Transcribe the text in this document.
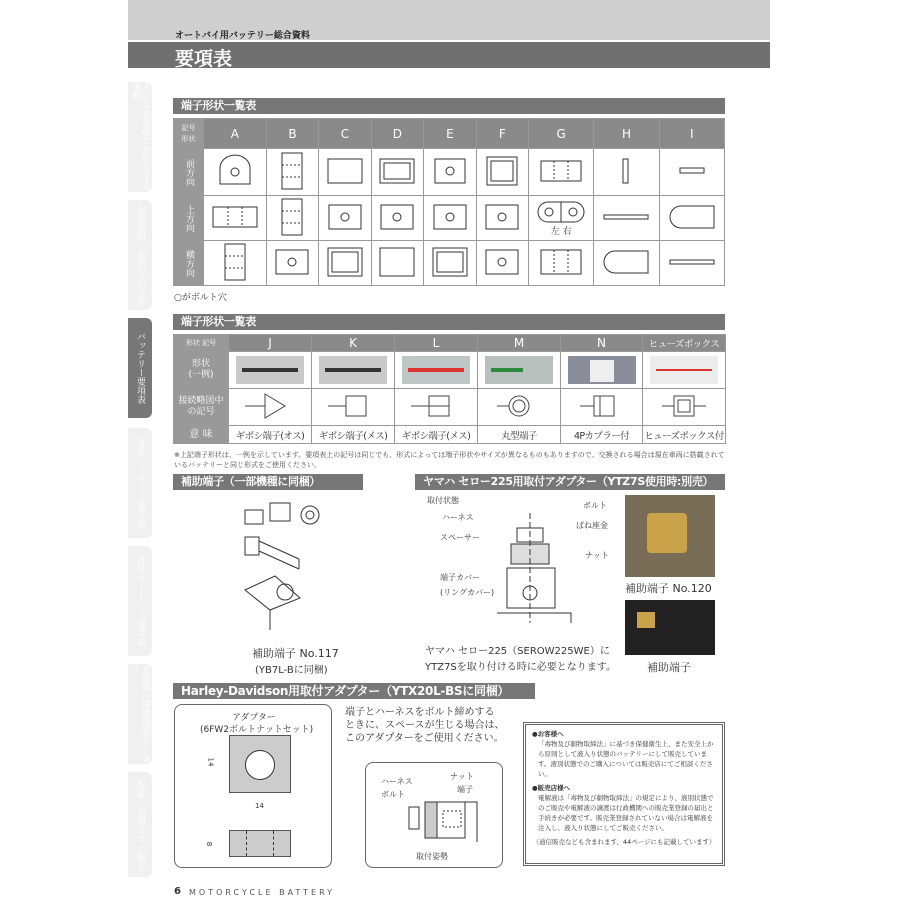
オートバイ用バッテリー総合資料
要項表
大切なお客様にお伝えする事柄
取扱説明・使用上の注意
バッテリー要項表
各社バッテリー適合表
各社オートバイ適合表
充電器・関連用品センター
保証・お問合せ・規定
端子形状一覧表
記号
形状	A	B	C	D	E	F	G	H	I
前方向									
上方向							左 右

横方向									
○がボルト穴
端子形状一覧表
形状 記号	J	K	L	M	N	ヒューズボックス
形状
(一例)	

接続略図中
の記号						
意 味	ギボシ端子(オス)	ギボシ端子(メス)	ギボシ端子(メス)	丸型端子	4Pカプラー付	ヒューズボックス付
※上記端子形状は、一例を示しています。要項表上の記号は同じでも、形式によっては端子形状やサイズが異なるものもありますので、交換される場合は現在車両に搭載されているバッテリーと同じ形式をご使用ください。
補助端子（一部機種に同梱）
補助端子 No.117
(YB7L-Bに同梱)
ヤマハ セロー225用取付アダプター（YTZ7S使用時:別売）
取付状態
ハーネス
スペーサー
端子カバー
(リングカバー)
ボルト
ばね座金
ナット
補助端子 No.120
補助端子
ヤマハ セロー225（SEROW225WE）に
YTZ7Sを取り付ける時に必要となります。
Harley-Davidson用取付アダプター（YTX20L-BSに同梱）
アダプター
(6FW2ボルトナットセット)
14
14
8
端子とハーネスをボルト締めする
ときに、スペースが生じる場合は、
このアダプターをご使用ください。
ハーネス
ボルト
ナット
端子
取付姿勢
●お客様へ
「毒物及び劇物取締法」に基づき保健衛生上、また安全上から原則として液入り状態のバッテリーにして販売しています。液別状態でのご購入については販売店にてご相談ください。
●販売店様へ
電解液は「毒物及び劇物取締法」の規定により、液別状態でのご販売や電解液の譲渡は行政機関への販売業登録の届出と手続きが必要です。販売業登録されていない場合は電解液を注入し、液入り状態にしてご販売ください。
（通信販売なども含まれます、44ページにも記載しています）
6 MOTORCYCLE BATTERY
